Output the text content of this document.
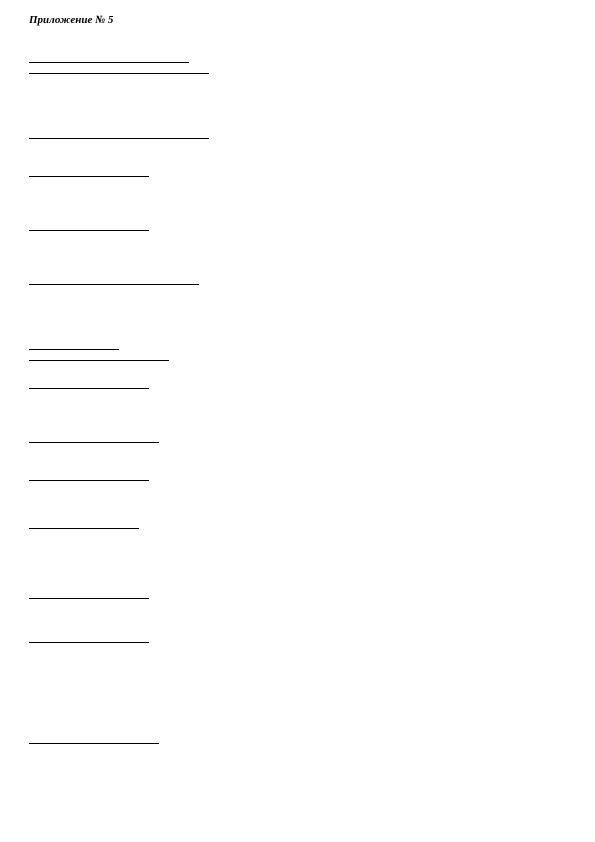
Приложение № 5
